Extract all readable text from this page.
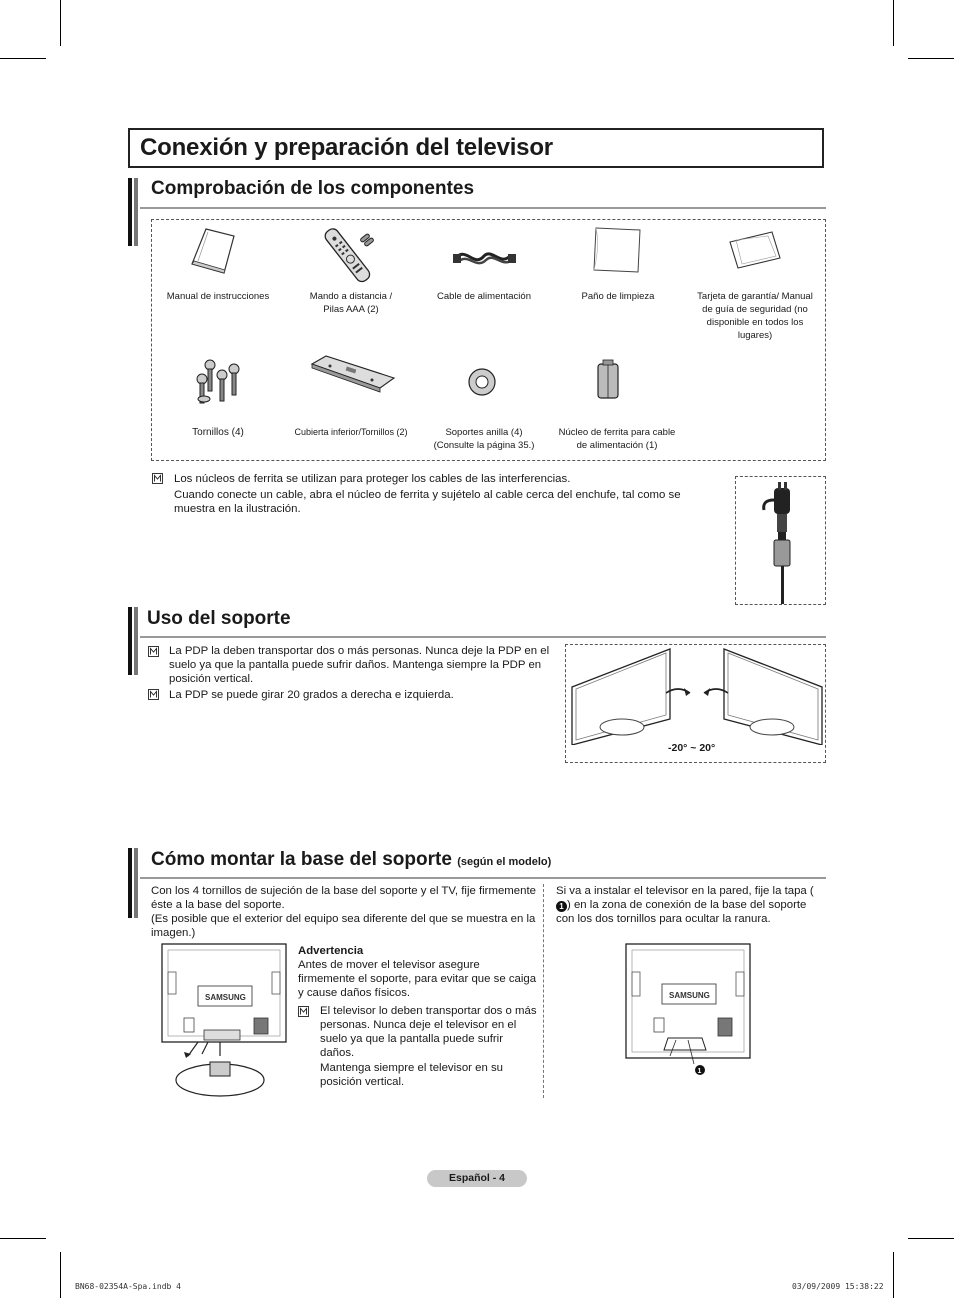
Conexión y preparación del televisor
Comprobación de los componentes
Manual de instrucciones	Mando a distancia / Pilas AAA (2)
Cable de alimentación	Paño de limpieza	Tarjeta de garantía/ Manual de guía de seguridad (no disponible en todos los lugares)
Tornillos (4)	Cubierta inferior/Tornillos (2)	Soportes anilla (4) (Consulte la página 35.)
Núcleo de ferrita para cable de alimentación (1)
Los núcleos de ferrita se utilizan para proteger los cables de las interferencias.
Cuando conecte un cable, abra el núcleo de ferrita y sujételo al cable cerca del enchufe, tal como se muestra en la ilustración.
Uso del soporte
La PDP la deben transportar dos o más personas. Nunca deje la PDP en el suelo ya que la pantalla puede sufrir daños. Mantenga siempre la PDP en posición vertical.
La PDP se puede girar 20 grados a derecha e izquierda.
-20° ~ 20°
Cómo montar la base del soporte (según el modelo)
Con los 4 tornillos de sujeción de la base del soporte y el TV, fije firmemente éste a la base del soporte.
(Es posible que el exterior del equipo sea diferente del que se muestra en la imagen.)
SAMSUNG
Advertencia
Antes de mover el televisor asegure firmemente el soporte, para evitar que se caiga y cause daños físicos.
El televisor lo deben transportar dos o más personas. Nunca deje el televisor en el suelo ya que la pantalla puede sufrir daños.
Mantenga siempre el televisor en su posición vertical.
Si va a instalar el televisor en la pared, fije la tapa (1 ) en la zona de conexión de la base del soporte con los dos tornillos para ocultar la ranura.
SAMSUNG
1
Español - 4
BN68-02354A-Spa.indb 4	03/09/2009 15:38:22
